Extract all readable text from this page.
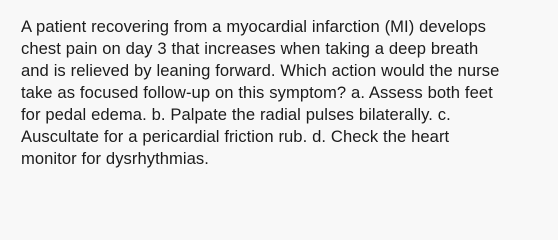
A patient recovering from a myocardial infarction (MI) develops
chest pain on day 3 that increases when taking a deep breath
and is relieved by leaning forward. Which action would the nurse
take as focused follow-up on this symptom? a. Assess both feet
for pedal edema. b. Palpate the radial pulses bilaterally. c.
Auscultate for a pericardial friction rub. d. Check the heart
monitor for dysrhythmias.
